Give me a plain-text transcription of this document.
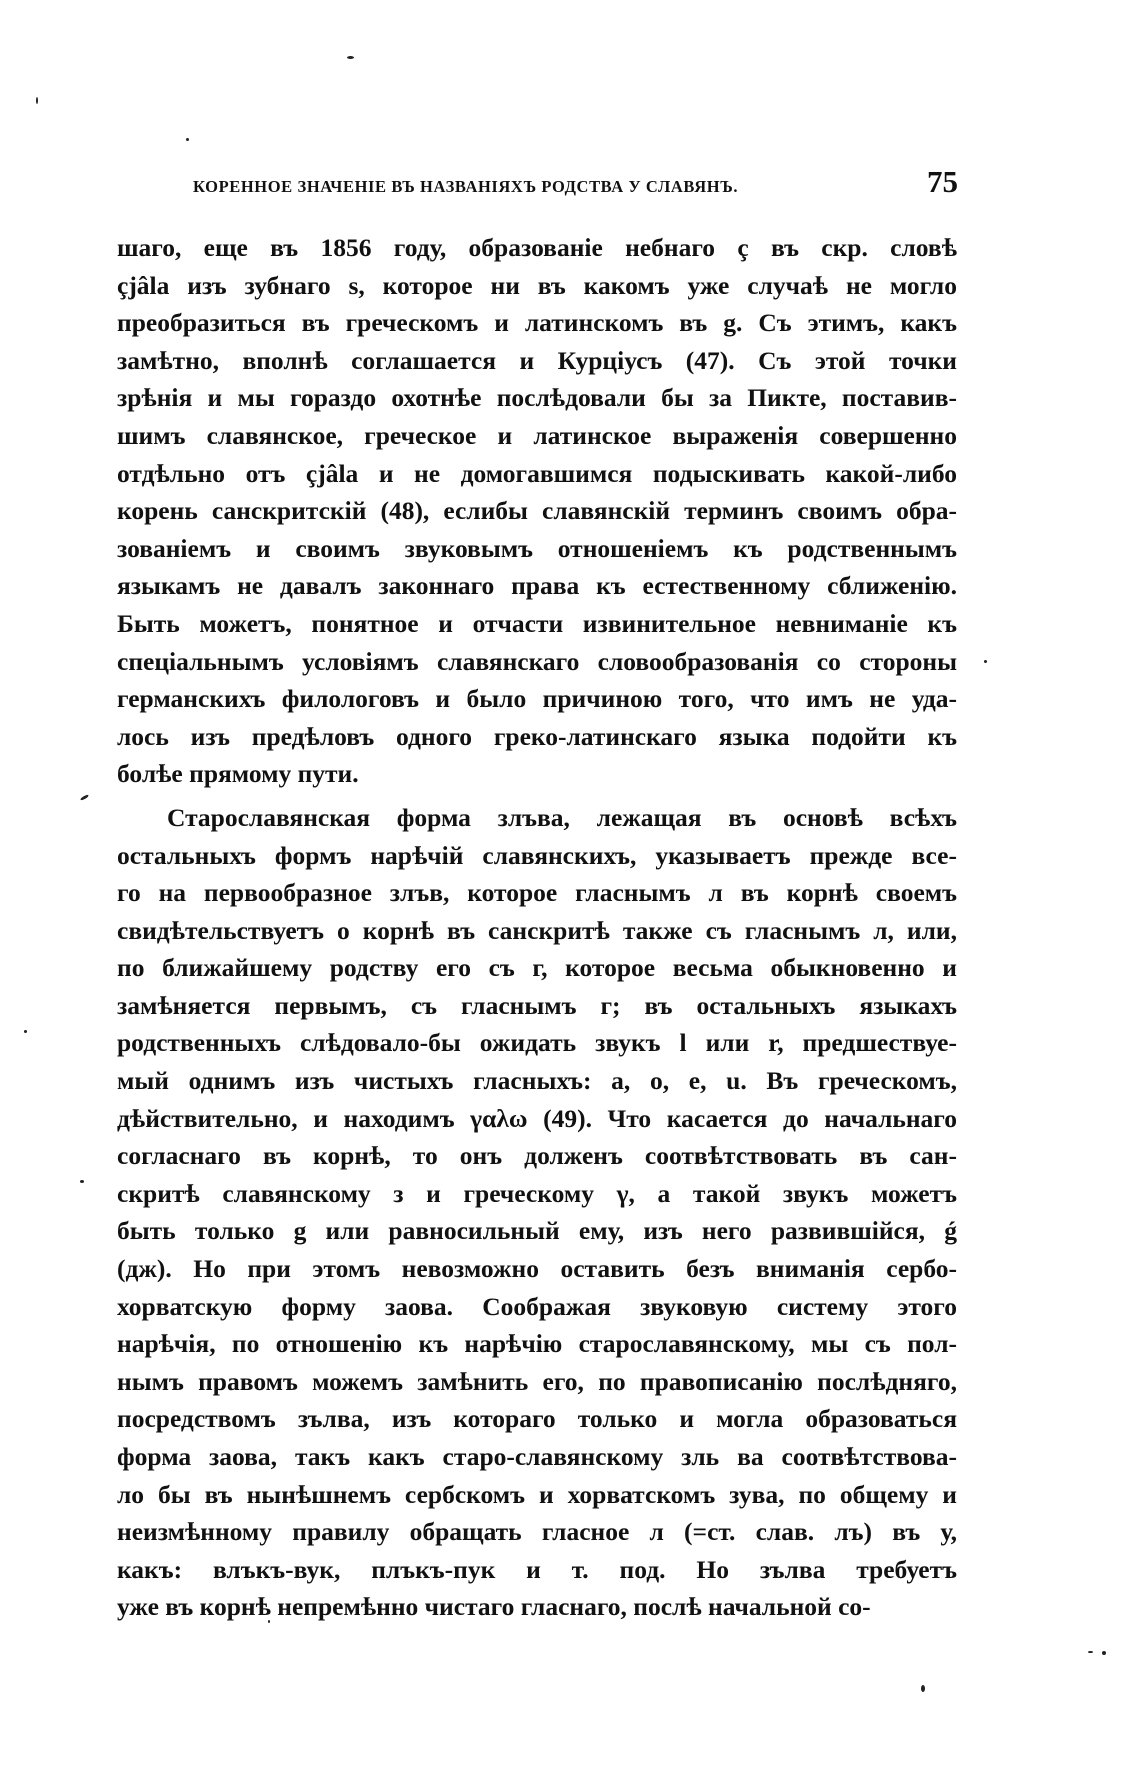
КОРЕННОЕ ЗНАЧЕНІЕ ВЪ НАЗВАНІЯХЪ РОДСТВА У СЛАВЯНЪ.	75
шаго, еще въ 1856 году, образованіе небнаго ç въ скр. словѣ
çjâla изъ зубнаго s, которое ни въ какомъ уже случаѣ не могло
преобразиться въ греческомъ и латинскомъ въ g. Съ этимъ, какъ
замѣтно, вполнѣ соглашается и Курціусъ (47). Съ этой точки
зрѣнія и мы гораздо охотнѣе послѣдовали бы за Пикте, поставив-
шимъ славянское, греческое и латинское выраженія совершенно
отдѣльно отъ çjâla и не домогавшимся подыскивать какой-либо
корень санскритскій (48), еслибы славянскій терминъ своимъ обра-
зованіемъ и своимъ звуковымъ отношеніемъ къ родственнымъ
языкамъ не давалъ законнаго права къ естественному сближенію.
Быть можетъ, понятное и отчасти извинительное невниманіе къ
спеціальнымъ условіямъ славянскаго словообразованія со стороны
германскихъ филологовъ и было причиною того, что имъ не уда-
лось изъ предѣловъ одного греко-латинскаго языка подойти къ
болѣе прямому пути.
Старославянская форма злъва, лежащая въ основѣ всѣхъ
остальныхъ формъ нарѣчій славянскихъ, указываетъ прежде все-
го на первообразное злъв, которое гласнымъ л въ корнѣ своемъ
свидѣтельствуетъ о корнѣ въ санскритѣ также съ гласнымъ л, или,
по ближайшему родству его съ г, которое весьма обыкновенно и
замѣняется первымъ, съ гласнымъ г; въ остальныхъ языкахъ
родственныхъ слѣдовало-бы ожидать звукъ l или r, предшествуе-
мый однимъ изъ чистыхъ гласныхъ: a, o, e, u. Въ греческомъ,
дѣйствительно, и находимъ γαλω (49). Что касается до начальнаго
согласнаго въ корнѣ, то онъ долженъ соотвѣтствовать въ сан-
скритѣ славянскому з и греческому γ, а такой звукъ можетъ
быть только g или равносильный ему, изъ него развившійся, ǵ
(дж). Но при этомъ невозможно оставить безъ вниманія сербо-
хорватскую форму заова. Соображая звуковую систему этого
нарѣчія, по отношенію къ нарѣчію старославянскому, мы съ пол-
нымъ правомъ можемъ замѣнить его, по правописанію послѣдняго,
посредствомъ зълва, изъ котораго только и могла образоваться
форма заова, такъ какъ старо-славянскому зль ва соотвѣтствова-
ло бы въ нынѣшнемъ сербскомъ и хорватскомъ зува, по общему и
неизмѣнному правилу обращать гласное л (=ст. слав. лъ) въ у,
какъ: влъкъ-вук, плъкъ-пук и т. под. Но зълва требуетъ
уже въ корнѣ непремѣнно чистаго гласнаго, послѣ начальной со-
